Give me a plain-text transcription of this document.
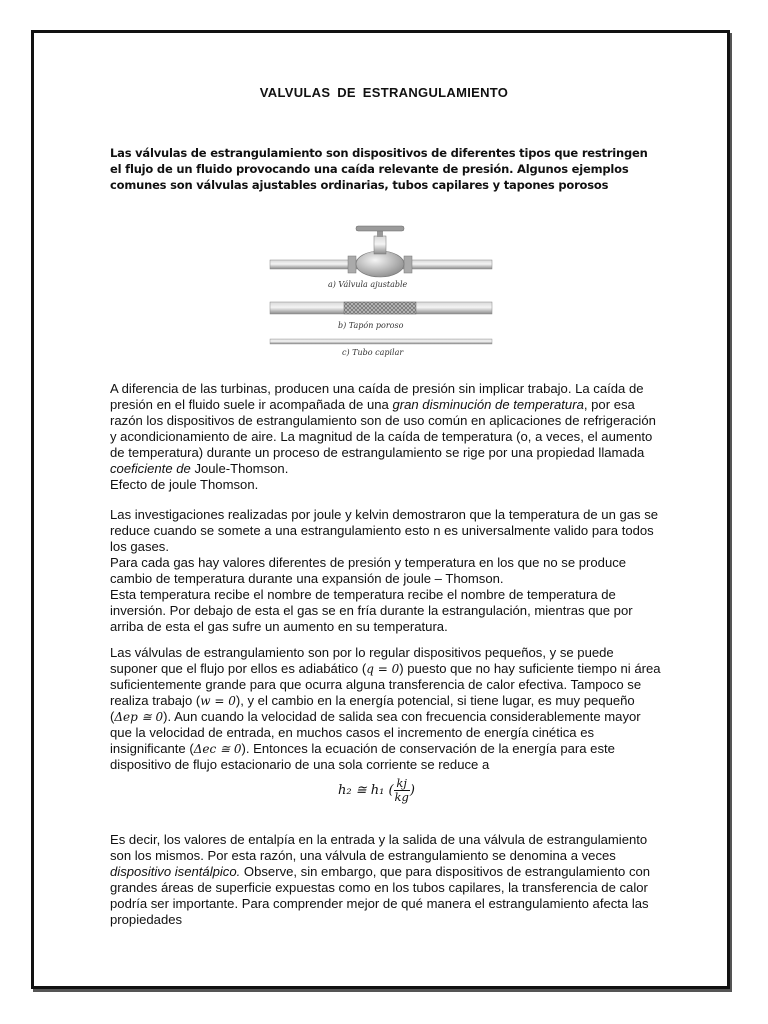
VALVULAS DE ESTRANGULAMIENTO
Las válvulas de estrangulamiento son dispositivos de diferentes tipos que restringen el flujo de un fluido provocando una caída relevante de presión. Algunos ejemplos comunes son válvulas ajustables ordinarias, tubos capilares y tapones porosos
a) Válvula ajustable
b) Tapón poroso
c) Tubo capilar
A diferencia de las turbinas, producen una caída de presión sin implicar trabajo. La caída de presión en el fluido suele ir acompañada de una gran disminución de temperatura, por esa razón los dispositivos de estrangulamiento son de uso común en aplicaciones de refrigeración y acondicionamiento de aire. La magnitud de la caída de temperatura (o, a veces, el aumento de temperatura) durante un proceso de estrangulamiento se rige por una propiedad llamada coeficiente de Joule-Thomson.
Efecto de joule Thomson.
Las investigaciones realizadas por joule y kelvin demostraron que la temperatura de un gas se reduce cuando se somete a una estrangulamiento esto n es universalmente valido para todos los gases.
Para cada gas hay valores diferentes de presión y temperatura en los que no se produce cambio de temperatura durante una expansión de joule – Thomson.
Esta temperatura recibe el nombre de temperatura recibe el nombre de temperatura de inversión. Por debajo de esta el gas se en fría durante la estrangulación, mientras que por arriba de esta el gas sufre un aumento en su temperatura.
Las válvulas de estrangulamiento son por lo regular dispositivos pequeños, y se puede suponer que el flujo por ellos es adiabático (q = 0) puesto que no hay suficiente tiempo ni área suficientemente grande para que ocurra alguna transferencia de calor efectiva. Tampoco se realiza trabajo (w = 0), y el cambio en la energía potencial, si tiene lugar, es muy pequeño (Δep ≅ 0). Aun cuando la velocidad de salida sea con frecuencia considerablemente mayor que la velocidad de entrada, en muchos casos el incremento de energía cinética es insignificante (Δec ≅ 0). Entonces la ecuación de conservación de la energía para este dispositivo de flujo estacionario de una sola corriente se reduce a
h₂ ≅ h₁ ( $\frac{kj}{kg}$ )
Es decir, los valores de entalpía en la entrada y la salida de una válvula de estrangulamiento son los mismos. Por esta razón, una válvula de estrangulamiento se denomina a veces dispositivo isentálpico. Observe, sin embargo, que para dispositivos de estrangulamiento con grandes áreas de superficie expuestas como en los tubos capilares, la transferencia de calor podría ser importante. Para comprender mejor de qué manera el estrangulamiento afecta las propiedades
